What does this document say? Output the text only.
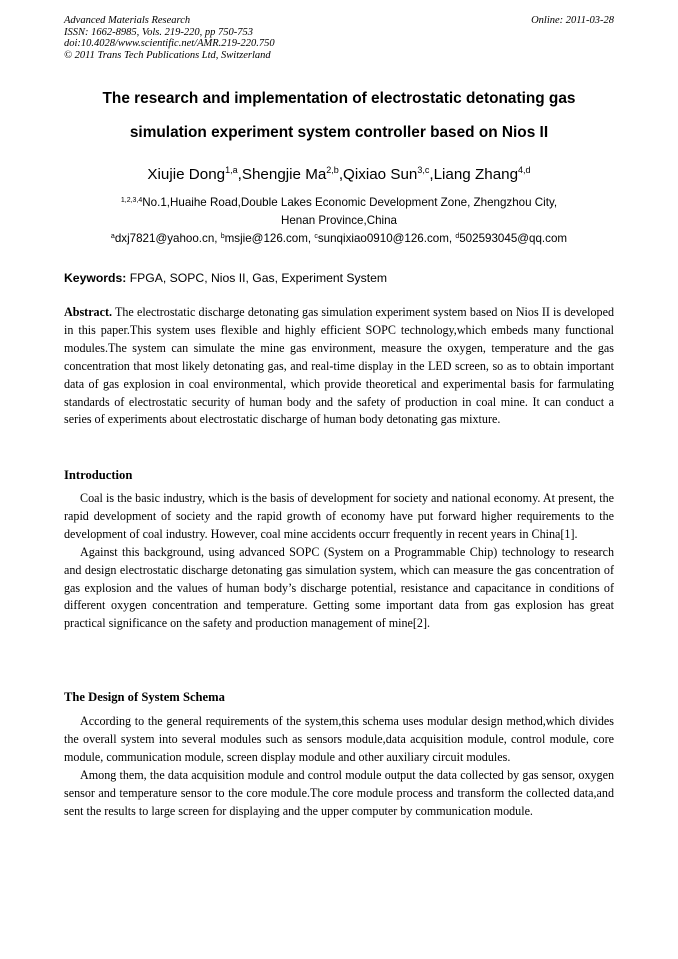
Advanced Materials Research
ISSN: 1662-8985, Vols. 219-220, pp 750-753
doi:10.4028/www.scientific.net/AMR.219-220.750
© 2011 Trans Tech Publications Ltd, Switzerland
Online: 2011-03-28
The research and implementation of electrostatic detonating gas
simulation experiment system controller based on Nios II
Xiujie Dong$^{1,a}$,Shengjie Ma$^{2,b}$,Qixiao Sun$^{3,c}$,Liang Zhang$^{4,d}$
$^{1,2,3,4}$No.1,Huaihe Road,Double Lakes Economic Development Zone, Zhengzhou City,
Henan Province,China
$^a$dxj7821@yahoo.cn, $^b$msjie@126.com, $^c$sunqixiao0910@126.com, $^d$502593045@qq.com
Keywords: FPGA, SOPC, Nios II, Gas, Experiment System

Abstract. The electrostatic discharge detonating gas simulation experiment system based on Nios II is developed in this paper.This system uses flexible and highly efficient SOPC technology,which embeds many functional modules.The system can simulate the mine gas environment, measure the oxygen, temperature and the gas concentration that most likely detonating gas, and real-time display in the LED screen, so as to obtain important data of gas explosion in coal environmental, which provide theoretical and experimental basis for farmulating standards of electrostatic security of human body and the safety of production in coal mine. It can conduct a series of experiments about electrostatic discharge of human body detonating gas mixture.

Introduction

Coal is the basic industry, which is the basis of development for society and national economy. At present, the rapid development of society and the rapid growth of economy have put forward higher requirements to the development of coal industry. However, coal mine accidents occurr frequently in recent years in China[1].

Against this background, using advanced SOPC (System on a Programmable Chip) technology to research and design electrostatic discharge detonating gas simulation system, which can measure the gas concentration of gas explosion and the values of human body’s discharge potential, resistance and capacitance in conditions of different oxygen concentration and temperature. Getting some important data from gas explosion has great practical significance on the safety and production management of mine[2].

The Design of System Schema

According to the general requirements of the system,this schema uses modular design method,which divides the overall system into several modules such as sensors module,data acquisition module, control module, core module, communication module, screen display module and other auxiliary circuit modules.

Among them, the data acquisition module and control module output the data collected by gas sensor, oxygen sensor and temperature sensor to the core module.The core module process and transform the collected data,and sent the results to large screen for displaying and the upper computer by communication module.
